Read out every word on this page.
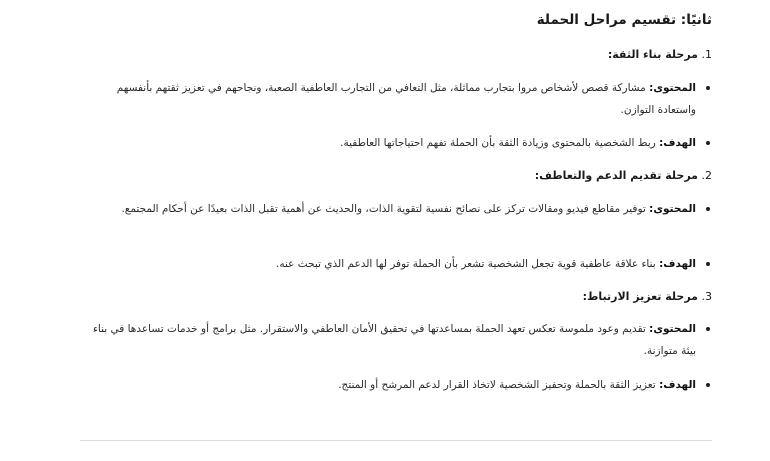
ثانيًا: تقسيم مراحل الحملة

1. مرحلة بناء الثقة:

المحتوى: مشاركة قصص لأشخاص مروا بتجارب مماثلة، مثل التعافي من التجارب العاطفية الصعبة، ونجاحهم في تعزيز ثقتهم بأنفسهم واستعادة التوازن.

الهدف: ربط الشخصية بالمحتوى وزيادة الثقة بأن الحملة تفهم احتياجاتها العاطفية.

2. مرحلة تقديم الدعم والتعاطف:

المحتوى: توفير مقاطع فيديو ومقالات تركز على نصائح نفسية لتقوية الذات، والحديث عن أهمية تقبل الذات بعيدًا عن أحكام المجتمع.

الهدف: بناء علاقة عاطفية قوية تجعل الشخصية تشعر بأن الحملة توفر لها الدعم الذي تبحث عنه.

3. مرحلة تعزيز الارتباط:

المحتوى: تقديم وعود ملموسة تعكس تعهد الحملة بمساعدتها في تحقيق الأمان العاطفي والاستقرار. مثل برامج أو خدمات تساعدها في بناء بيئة متوازنة.

الهدف: تعزيز الثقة بالحملة وتحفيز الشخصية لاتخاذ القرار لدعم المرشح أو المنتج.
